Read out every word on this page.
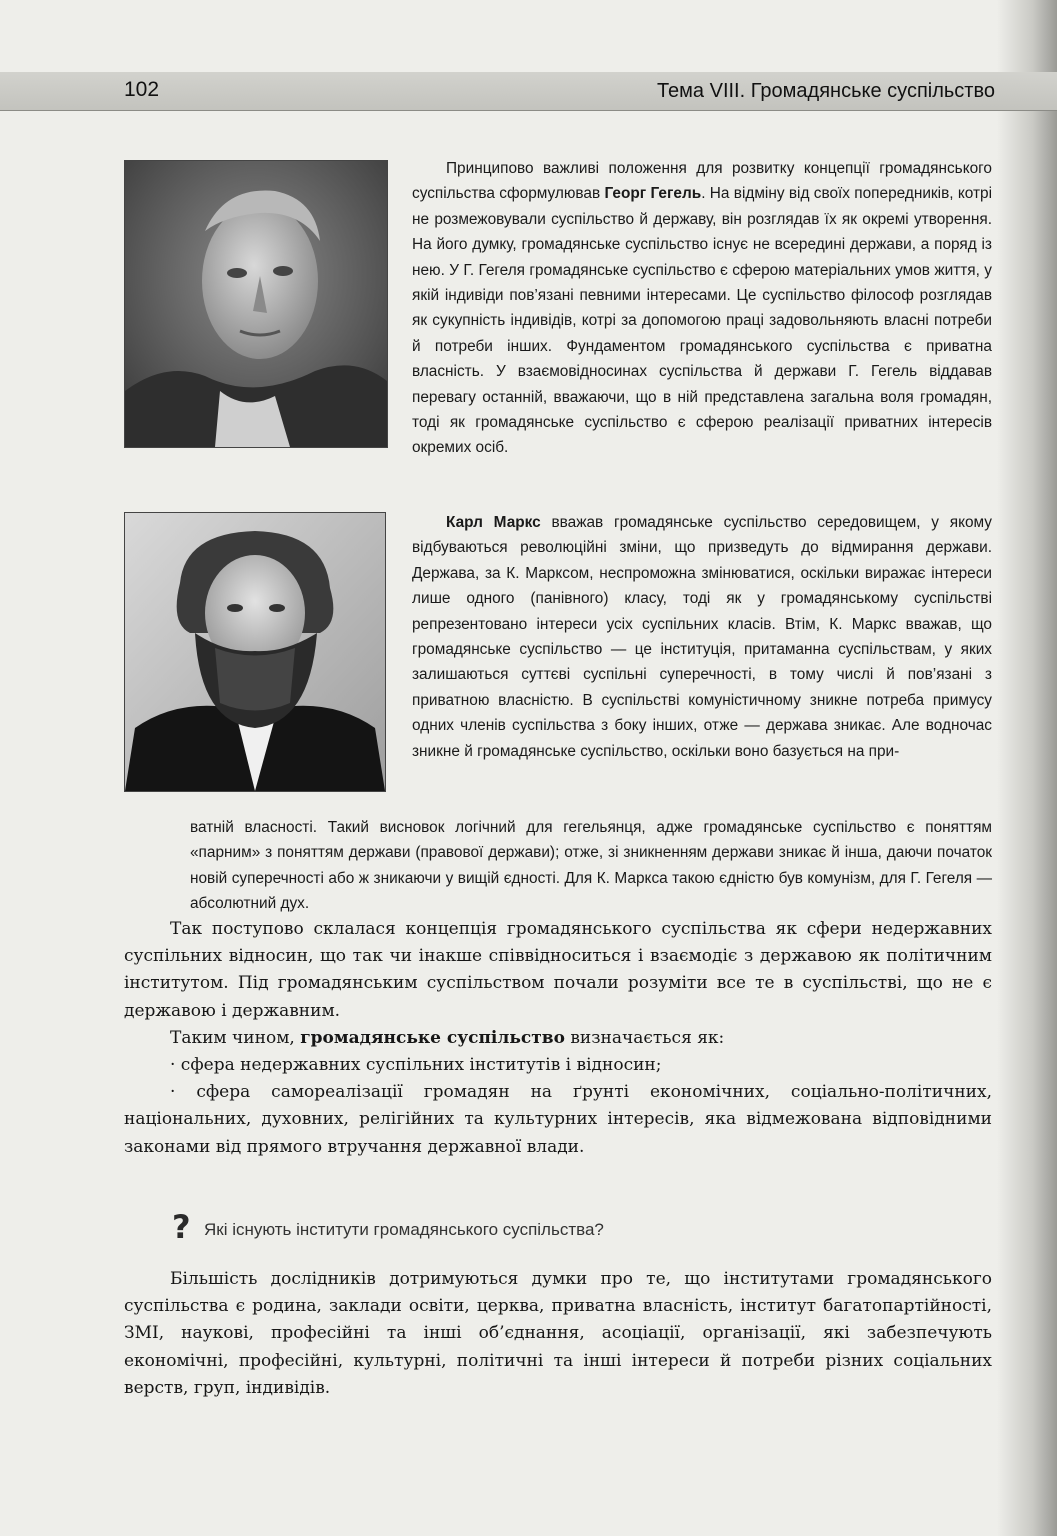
102	Тема VIII. Громадянське суспільство

Принципово важливі положення для розвитку концепції громадянського суспільства сформулював Георг Гегель. На відміну від своїх попередників, котрі не розмежовували суспільство й державу, він розглядав їх як окремі утворення. На його думку, громадянське суспільство існує не всередині держави, а поряд із нею. У Г. Гегеля громадянське суспільство є сферою матеріальних умов життя, у якій індивіди пов’язані певними інтересами. Це суспільство філософ розглядав як сукупність індивідів, котрі за допомогою праці задовольняють власні потреби й потреби інших. Фундаментом громадянського суспільства є приватна власність. У взаємовідносинах суспільства й держави Г. Гегель віддавав перевагу останній, вважаючи, що в ній представлена загальна воля громадян, тоді як громадянське суспільство є сферою реалізації приватних інтересів окремих осіб.

Карл Маркс вважав громадянське суспільство середовищем, у якому відбуваються революційні зміни, що призведуть до відмирання держави. Держава, за К. Марксом, неспроможна змінюватися, оскільки виражає інтереси лише одного (панівного) класу, тоді як у громадянському суспільстві репрезентовано інтереси усіх суспільних класів. Втім, К. Маркс вважав, що громадянське суспільство — це інституція, притаманна суспільствам, у яких залишаються суттєві суспільні суперечності, в тому числі й пов’язані з приватною власністю. В суспільстві комуністичному зникне потреба примусу одних членів суспільства з боку інших, отже — держава зникає. Але водночас зникне й громадянське суспільство, оскільки воно базується на при-

ватній власності. Такий висновок логічний для гегельянця, адже громадянське суспільство є поняттям «парним» з поняттям держави (правової держави); отже, зі зникненням держави зникає й інша, даючи початок новій суперечності або ж зникаючи у вищій єдності. Для К. Маркса такою єдністю був комунізм, для Г. Гегеля — абсолютний дух.

Так поступово склалася концепція громадянського суспільства як сфери недержавних суспільних відносин, що так чи інакше співвідноситься і взаємодіє з державою як політичним інститутом. Під громадянським суспільством почали розуміти все те в суспільстві, що не є державою і державним.

Таким чином, громадянське суспільство визначається як:

· сфера недержавних суспільних інститутів і відносин;

· сфера самореалізації громадян на ґрунті економічних, соціально-політичних, національних, духовних, релігійних та культурних інтересів, яка відмежована відповідними законами від прямого втручання державної влади.

? Які існують інститути громадянського суспільства?

Більшість дослідників дотримуються думки про те, що інститутами громадянського суспільства є родина, заклади освіти, церква, приватна власність, інститут багатопартійності, ЗМІ, наукові, професійні та інші об’єднання, асоціації, організації, які забезпечують економічні, професійні, культурні, політичні та інші інтереси й потреби різних соціальних верств, груп, індивідів.
